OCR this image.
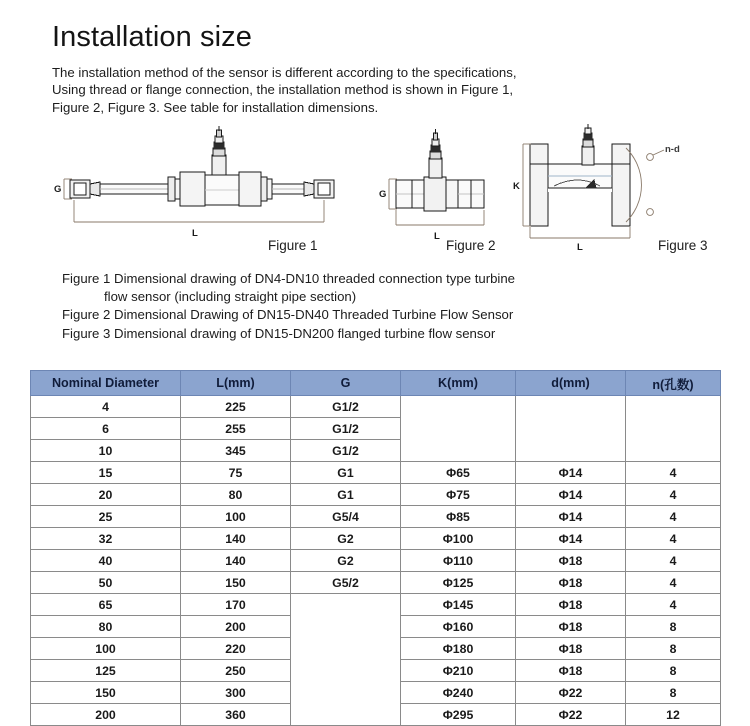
Installation size
The installation method of the sensor is different according to the specifications,
Using thread or flange connection, the installation method is shown in Figure 1,
Figure 2, Figure 3. See table for installation dimensions.
G
L
Figure 1
G
L
Figure 2
n-d
K
L	Figure 3
Figure 1 Dimensional drawing of DN4-DN10 threaded connection type turbine
flow sensor (including straight pipe section)
Figure 2 Dimensional Drawing of DN15-DN40 Threaded Turbine Flow Sensor
Figure 3 Dimensional drawing of DN15-DN200 flanged turbine flow sensor
Nominal Diameter	L(mm)	G	K(mm)	d(mm)	n(孔数)
4	225	G1/2			
6	255	G1/2			
10	345	G1/2			
15	75	G1	Φ65	Φ14	4
20	80	G1	Φ75	Φ14	4
25	100	G5/4	Φ85	Φ14	4
32	140	G2	Φ100	Φ14	4
40	140	G2	Φ110	Φ18	4
50	150	G5/2	Φ125	Φ18	4
65	170		Φ145	Φ18	4
80	200		Φ160	Φ18	8
100	220		Φ180	Φ18	8
125	250		Φ210	Φ18	8
150	300		Φ240	Φ22	8
200	360		Φ295	Φ22	12
